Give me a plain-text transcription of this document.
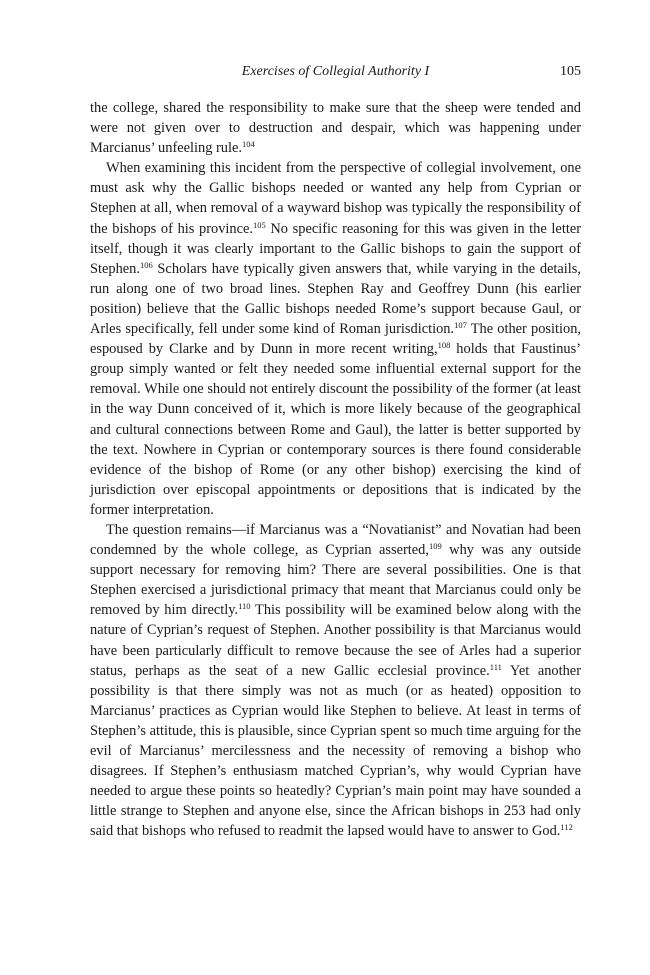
Exercises of Collegial Authority I	105

the college, shared the responsibility to make sure that the sheep were tended and were not given over to destruction and despair, which was happening under Marcianus’ unfeeling rule.$^{104}$

When examining this incident from the perspective of collegial involvement, one must ask why the Gallic bishops needed or wanted any help from Cyprian or Stephen at all, when removal of a wayward bishop was typically the responsibility of the bishops of his province.$^{105}$ No specific reasoning for this was given in the letter itself, though it was clearly important to the Gallic bishops to gain the support of Stephen.$^{106}$ Scholars have typically given answers that, while varying in the details, run along one of two broad lines. Stephen Ray and Geoffrey Dunn (his earlier position) believe that the Gallic bishops needed Rome’s support because Gaul, or Arles specifically, fell under some kind of Roman jurisdiction.$^{107}$ The other position, espoused by Clarke and by Dunn in more recent writing,$^{108}$ holds that Faustinus’ group simply wanted or felt they needed some influential external support for the removal. While one should not entirely discount the possibility of the former (at least in the way Dunn conceived of it, which is more likely because of the geographical and cultural connections between Rome and Gaul), the latter is better supported by the text. Nowhere in Cyprian or contemporary sources is there found considerable evidence of the bishop of Rome (or any other bishop) exercising the kind of jurisdiction over episcopal appointments or depositions that is indicated by the former interpretation.

The question remains—if Marcianus was a “Novatianist” and Novatian had been condemned by the whole college, as Cyprian asserted,$^{109}$ why was any outside support necessary for removing him? There are several possibilities. One is that Stephen exercised a jurisdictional primacy that meant that Marcianus could only be removed by him directly.$^{110}$ This possibility will be examined below along with the nature of Cyprian’s request of Stephen. Another possibility is that Marcianus would have been particularly difficult to remove because the see of Arles had a superior status, perhaps as the seat of a new Gallic ecclesial province.$^{111}$ Yet another possibility is that there simply was not as much (or as heated) opposition to Marcianus’ practices as Cyprian would like Stephen to believe. At least in terms of Stephen’s attitude, this is plausible, since Cyprian spent so much time arguing for the evil of Marcianus’ mercilessness and the necessity of removing a bishop who disagrees. If Stephen’s enthusiasm matched Cyprian’s, why would Cyprian have needed to argue these points so heatedly? Cyprian’s main point may have sounded a little strange to Stephen and anyone else, since the African bishops in 253 had only said that bishops who refused to readmit the lapsed would have to answer to God.$^{112}$
